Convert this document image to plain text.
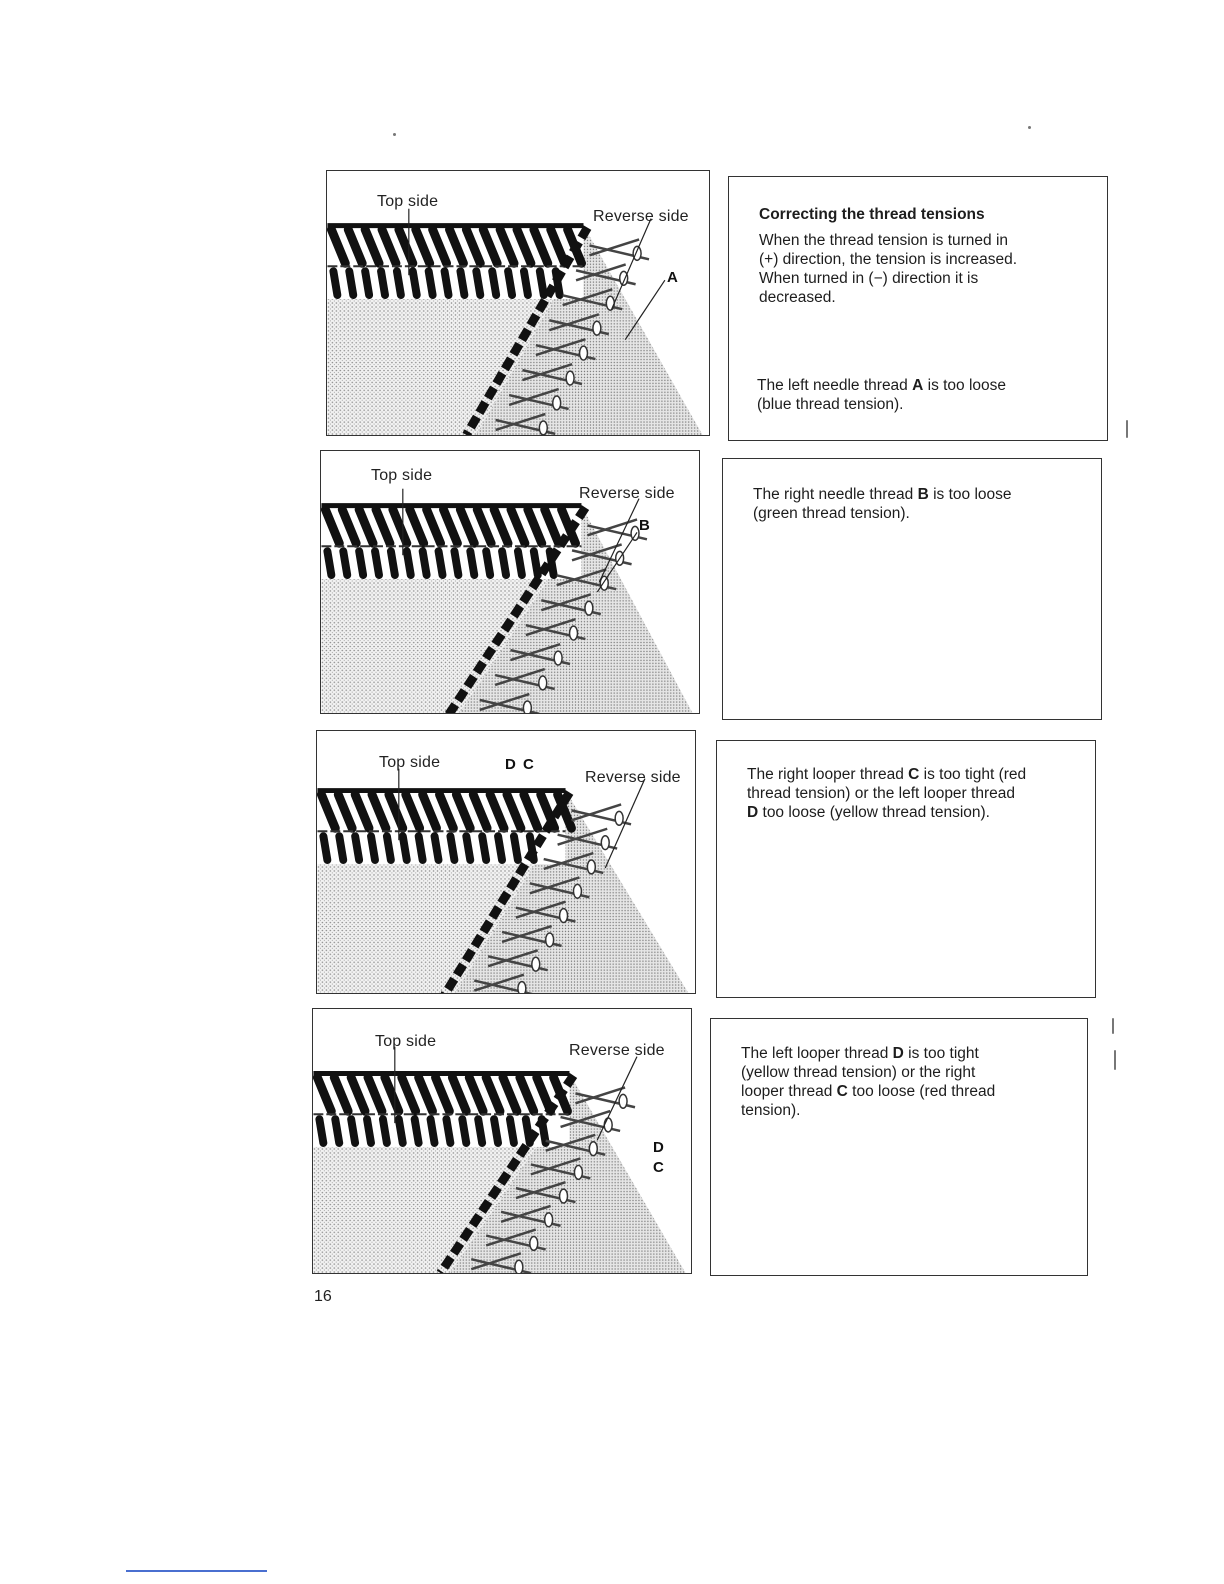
Top side
Reverse side
A
Top side
Reverse side
B
Top side	D C
Reverse side
Top side
Reverse side
D
C
Correcting the thread tensions
When the thread tension is turned in
(+) direction, the tension is increased.
When turned in (−) direction it is
decreased.
The left needle thread A is too loose
(blue thread tension).
The right needle thread B is too loose
(green thread tension).
The right looper thread C is too tight (red
thread tension) or the left looper thread
D too loose (yellow thread tension).
The left looper thread D is too tight
(yellow thread tension) or the right
looper thread C too loose (red thread
tension).
16
